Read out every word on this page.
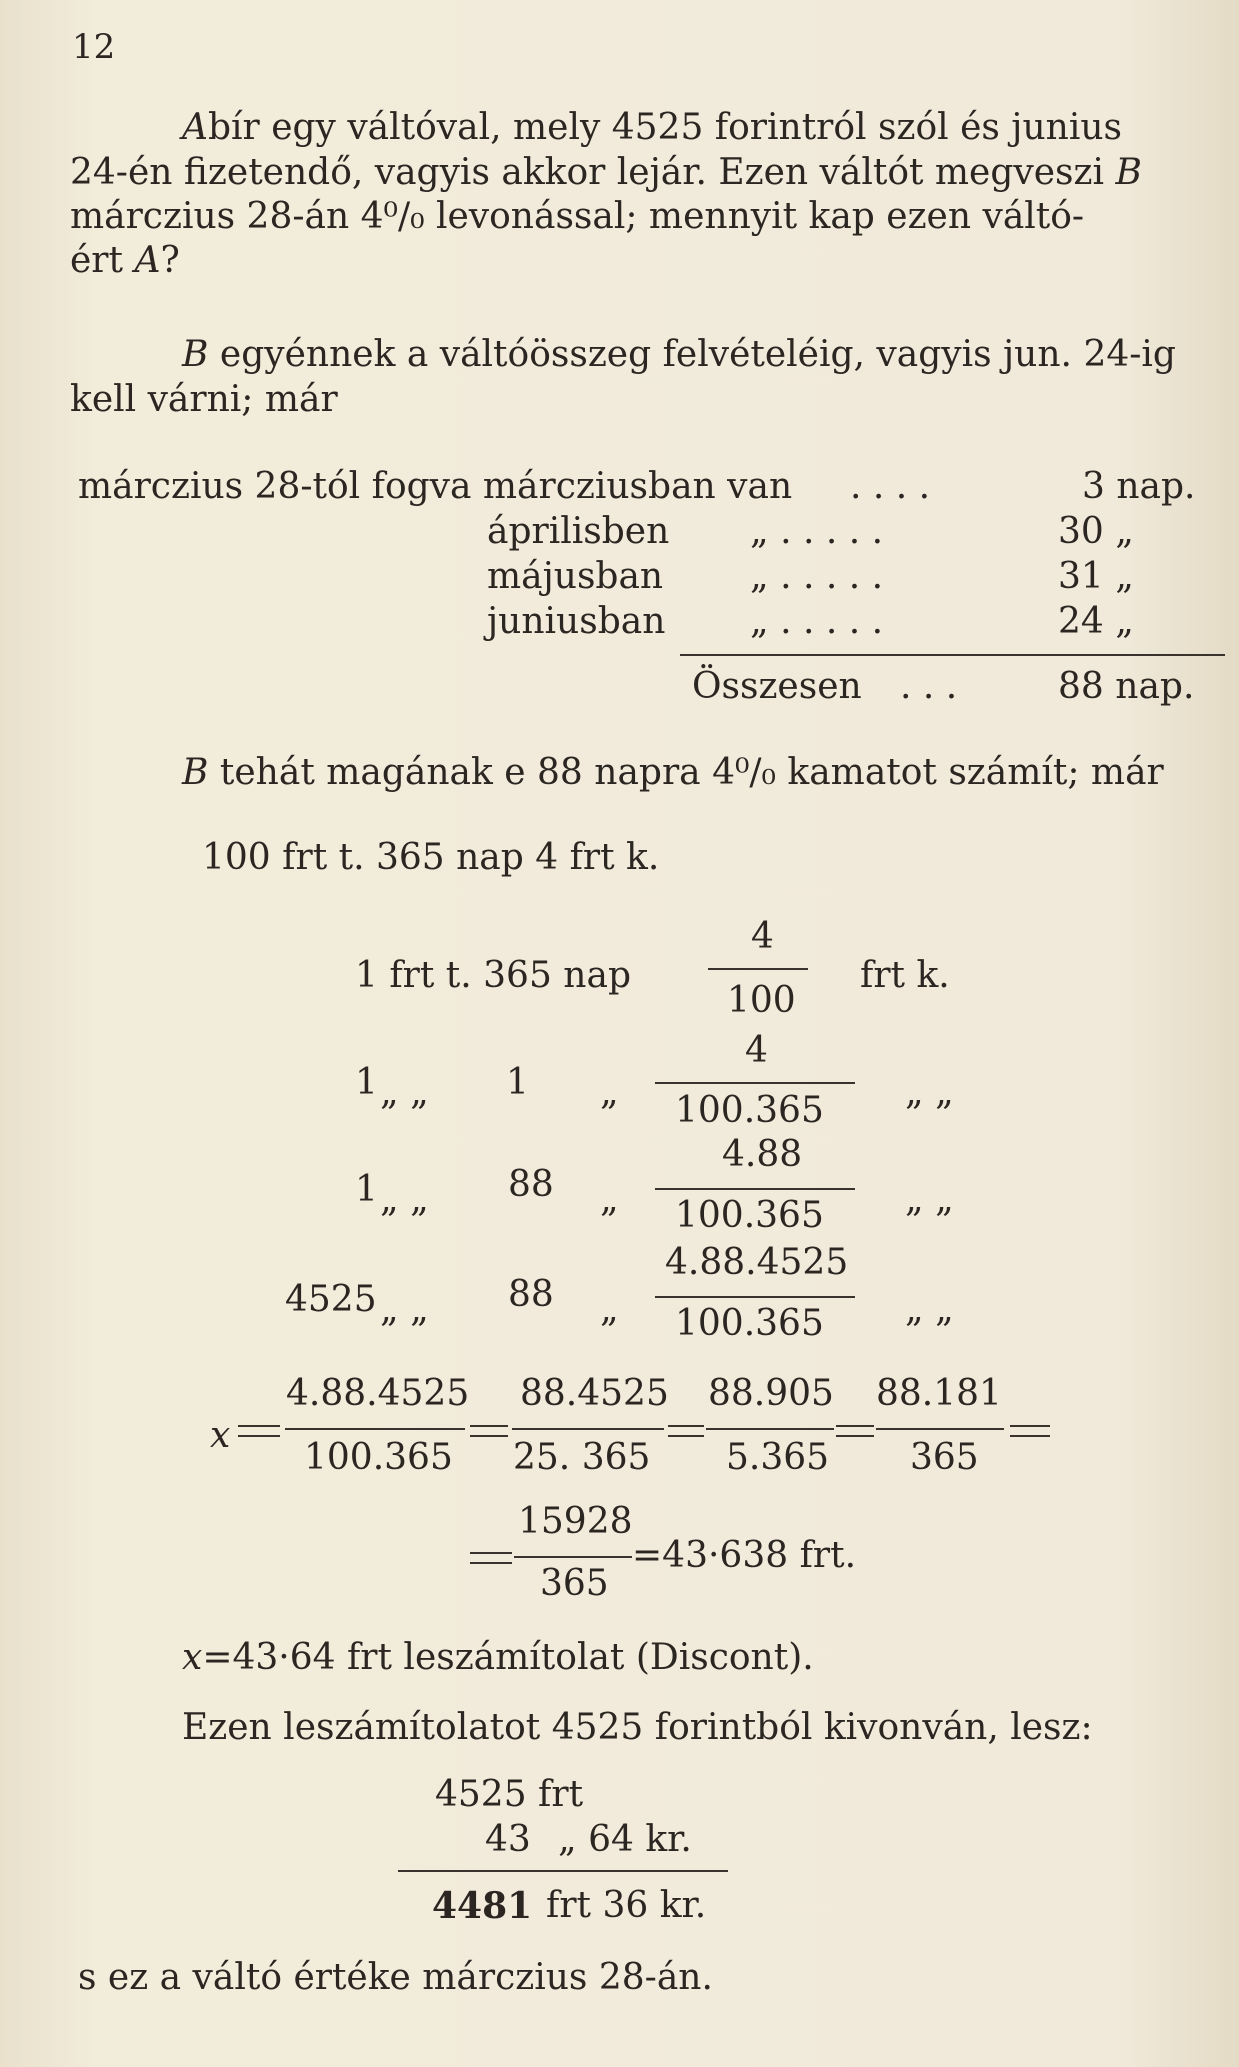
12
A bír egy váltóval, mely 4525 forintról szól és junius
24-én fizetendő, vagyis akkor lejár. Ezen váltót megveszi B
márczius 28-án 4⁰/₀ levonással; mennyit kap ezen váltó-
ért A?
B egyénnek a váltóösszeg felvételéig, vagyis jun. 24-ig
kell várni; már
márczius 28-tól fogva márcziusban van . . . .	3 nap.
áprilisben „ . . . . .	30 „
májusban „ . . . . .	31 „
juniusban „ . . . . .	24 „
Összesen . . .	88 nap.
B tehát magának e 88 napra 4⁰/₀ kamatot számít; már
100 frt t. 365 nap 4 frt k.
1 frt t. 365 nap
4
100
frt k.
1 „ „ 1 „
4
100.365 „ „
1 „ „ 88 „
4.88
100.365 „ „
4525 „ „ 88 „
4.88.4525
100.365 „ „
x
4.88.4525
100.365
88.4525
25. 365
88.905
5.365
88.181
365
15928
365
=43·638 frt.
x=43·64 frt leszámítolat (Discont).
Ezen leszámítolatot 4525 forintból kivonván, lesz:
4525 frt
43 „ 64 kr.
4481 frt 36 kr.
s ez a váltó értéke márczius 28-án.
